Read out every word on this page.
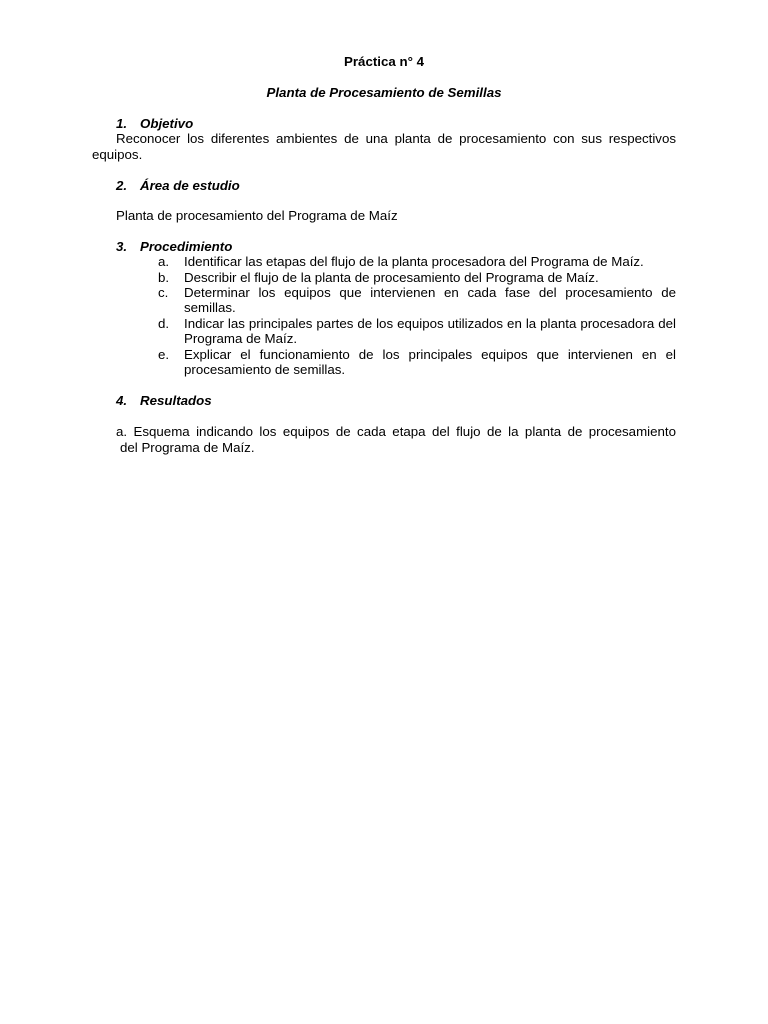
Práctica n° 4
Planta de Procesamiento de Semillas
1. Objetivo
Reconocer los diferentes ambientes de una planta de procesamiento con sus respectivos
equipos.
2. Área de estudio
Planta de procesamiento del Programa de Maíz
3. Procedimiento
a.	Identificar las etapas del flujo de la planta procesadora del Programa de Maíz.
b.	Describir el flujo de la planta de procesamiento del Programa de Maíz.
c.	Determinar los equipos que intervienen en cada fase del procesamiento de semillas.
d.	Indicar las principales partes de los equipos utilizados en la planta procesadora del Programa de Maíz.
e.	Explicar el funcionamiento de los principales equipos que intervienen en el procesamiento de semillas.
4. Resultados
a. Esquema indicando los equipos de cada etapa del flujo de la planta de procesamiento
del Programa de Maíz.
